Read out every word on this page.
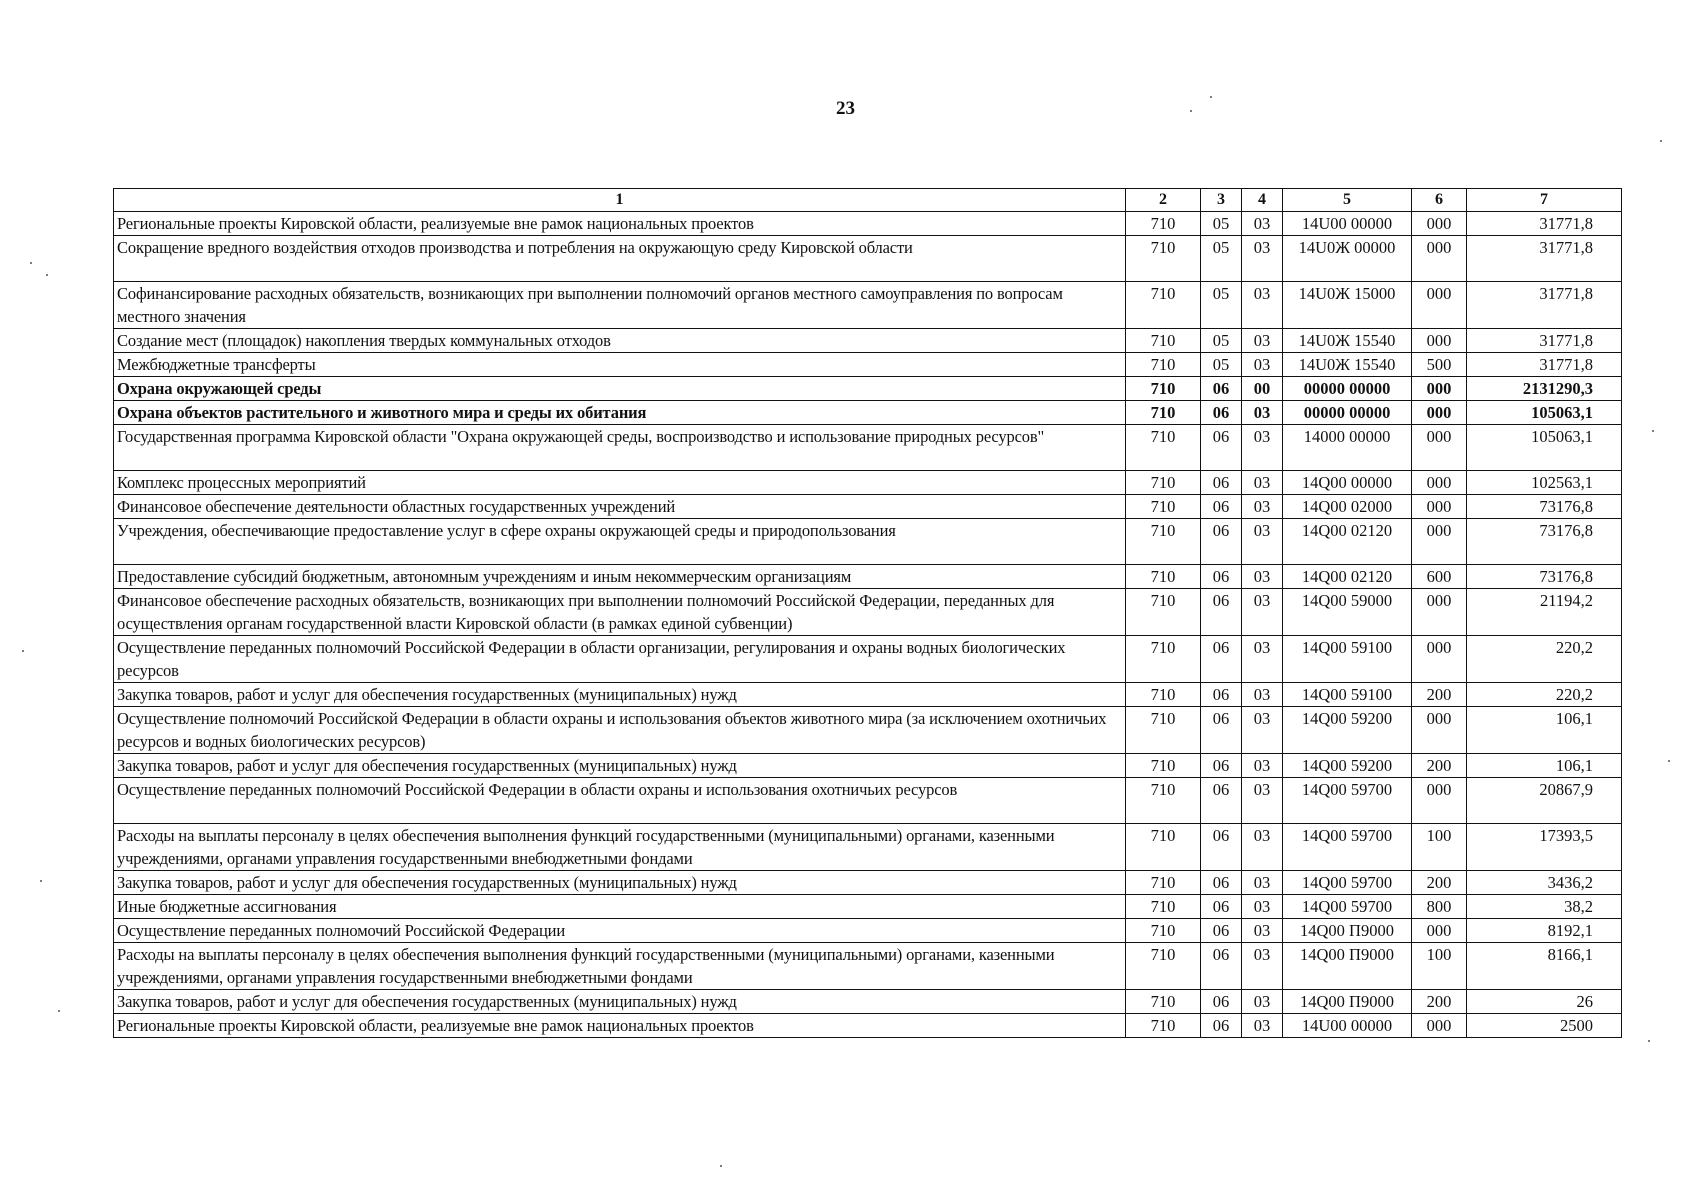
23
1	2	3	4	5	6	7
Региональные проекты Кировской области, реализуемые вне рамок национальных проектов	710	05	03	14U00 00000	000	31771,8
Сокращение вредного воздействия отходов производства и потребления на окружающую среду Кировской области	710	05	03	14U0Ж 00000	000	31771,8
Софинансирование расходных обязательств, возникающих при выполнении полномочий органов местного самоуправления по вопросам местного значения	710	05	03	14U0Ж 15000	000	31771,8
Создание мест (площадок) накопления твердых коммунальных отходов	710	05	03	14U0Ж 15540	000	31771,8
Межбюджетные трансферты	710	05	03	14U0Ж 15540	500	31771,8
Охрана окружающей среды	710	06	00	00000 00000	000	2131290,3
Охрана объектов растительного и животного мира и среды их обитания	710	06	03	00000 00000	000	105063,1
Государственная программа Кировской области "Охрана окружающей среды, воспроизводство и использование природных ресурсов"	710	06	03	14000 00000	000	105063,1
Комплекс процессных мероприятий	710	06	03	14Q00 00000	000	102563,1
Финансовое обеспечение деятельности областных государственных учреждений	710	06	03	14Q00 02000	000	73176,8
Учреждения, обеспечивающие предоставление услуг в сфере охраны окружающей среды и природопользования	710	06	03	14Q00 02120	000	73176,8
Предоставление субсидий бюджетным, автономным учреждениям и иным некоммерческим организациям	710	06	03	14Q00 02120	600	73176,8
Финансовое обеспечение расходных обязательств, возникающих при выполнении полномочий Российской Федерации, переданных для осуществления органам государственной власти Кировской области (в рамках единой субвенции)	710	06	03	14Q00 59000	000	21194,2
Осуществление переданных полномочий Российской Федерации в области организации, регулирования и охраны водных биологических ресурсов	710	06	03	14Q00 59100	000	220,2
Закупка товаров, работ и услуг для обеспечения государственных (муниципальных) нужд	710	06	03	14Q00 59100	200	220,2
Осуществление полномочий Российской Федерации в области охраны и использования объектов животного мира (за исключением охотничьих ресурсов и водных биологических ресурсов)	710	06	03	14Q00 59200	000	106,1
Закупка товаров, работ и услуг для обеспечения государственных (муниципальных) нужд	710	06	03	14Q00 59200	200	106,1
Осуществление переданных полномочий Российской Федерации в области охраны и использования охотничьих ресурсов	710	06	03	14Q00 59700	000	20867,9
Расходы на выплаты персоналу в целях обеспечения выполнения функций государственными (муниципальными) органами, казенными учреждениями, органами управления государственными внебюджетными фондами	710	06	03	14Q00 59700	100	17393,5
Закупка товаров, работ и услуг для обеспечения государственных (муниципальных) нужд	710	06	03	14Q00 59700	200	3436,2
Иные бюджетные ассигнования	710	06	03	14Q00 59700	800	38,2
Осуществление переданных полномочий Российской Федерации	710	06	03	14Q00 П9000	000	8192,1
Расходы на выплаты персоналу в целях обеспечения выполнения функций государственными (муниципальными) органами, казенными учреждениями, органами управления государственными внебюджетными фондами	710	06	03	14Q00 П9000	100	8166,1
Закупка товаров, работ и услуг для обеспечения государственных (муниципальных) нужд	710	06	03	14Q00 П9000	200	26
Региональные проекты Кировской области, реализуемые вне рамок национальных проектов	710	06	03	14U00 00000	000	2500
